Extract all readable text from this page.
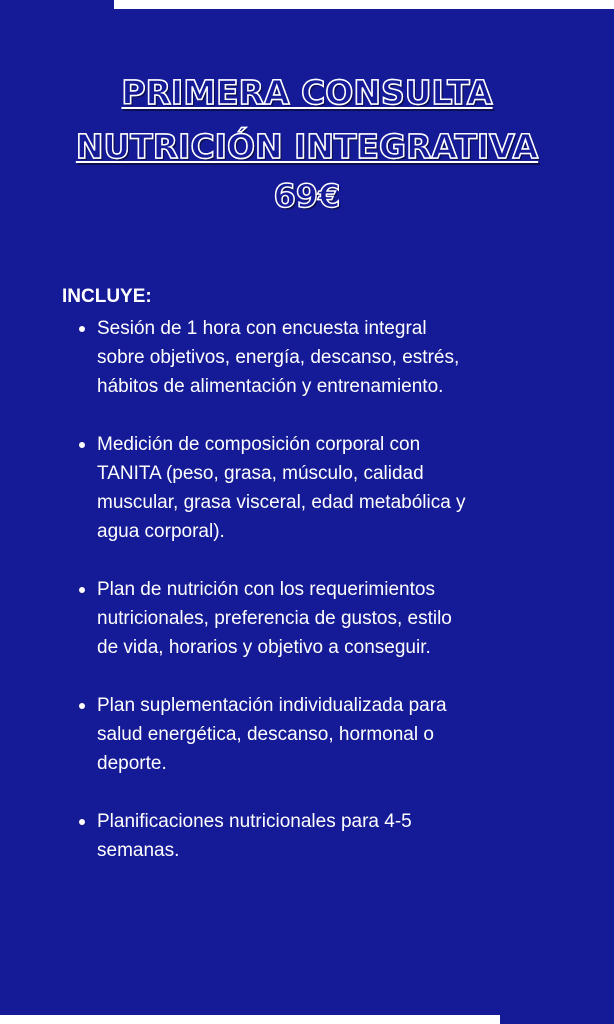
PRIMERA CONSULTA
NUTRICIÓN INTEGRATIVA
69€
INCLUYE:
Sesión de 1 hora con encuesta integral
sobre objetivos, energía, descanso, estrés,
hábitos de alimentación y entrenamiento.
Medición de composición corporal con
TANITA (peso, grasa, músculo, calidad
muscular, grasa visceral, edad metabólica y
agua corporal).
Plan de nutrición con los requerimientos
nutricionales, preferencia de gustos, estilo
de vida, horarios y objetivo a conseguir.
Plan suplementación individualizada para
salud energética, descanso, hormonal o
deporte.
Planificaciones nutricionales para 4-5
semanas.
